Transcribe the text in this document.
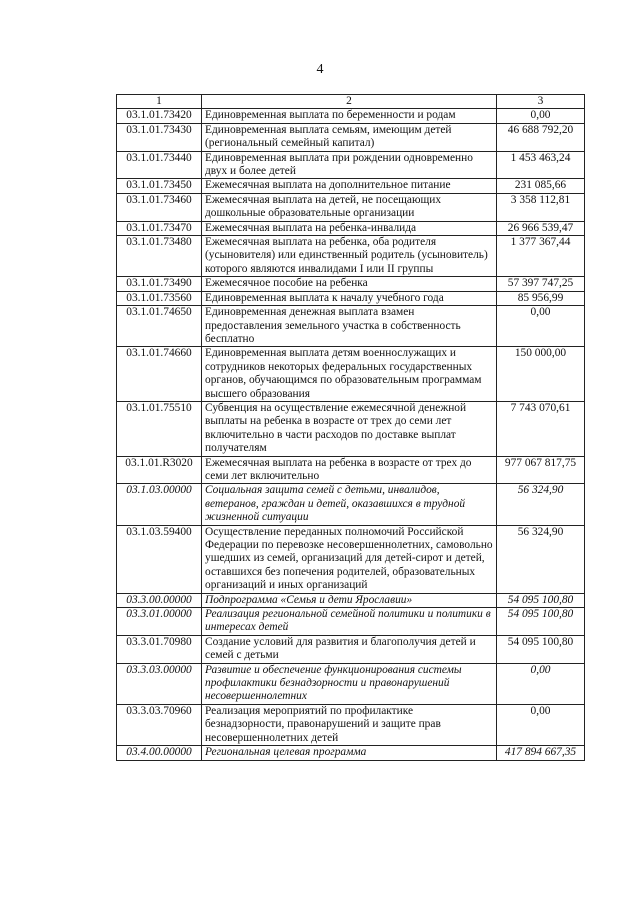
4
1	2	3
03.1.01.73420	Единовременная выплата по беременности и родам	0,00
03.1.01.73430	Единовременная выплата семьям, имеющим детей (региональный семейный капитал)	46 688 792,20
03.1.01.73440	Единовременная выплата при рождении одновременно двух и более детей	1 453 463,24
03.1.01.73450	Ежемесячная выплата на дополнительное питание	231 085,66
03.1.01.73460	Ежемесячная выплата на детей, не посещающих дошкольные образовательные организации	3 358 112,81
03.1.01.73470	Ежемесячная выплата на ребенка-инвалида	26 966 539,47
03.1.01.73480	Ежемесячная выплата на ребенка, оба родителя (усыновителя) или единственный родитель (усыновитель) которого являются инвалидами I или II группы	1 377 367,44
03.1.01.73490	Ежемесячное пособие на ребенка	57 397 747,25
03.1.01.73560	Единовременная выплата к началу учебного года	85 956,99
03.1.01.74650	Единовременная денежная выплата взамен предоставления земельного участка в собственность бесплатно	0,00
03.1.01.74660	Единовременная выплата детям военнослужащих и сотрудников некоторых федеральных государственных органов, обучающимся по образовательным программам высшего образования	150 000,00
03.1.01.75510	Субвенция на осуществление ежемесячной денежной выплаты на ребенка в возрасте от трех до семи лет включительно в части расходов по доставке выплат получателям	7 743 070,61
03.1.01.R3020	Ежемесячная выплата на ребенка в возрасте от трех до семи лет включительно	977 067 817,75
03.1.03.00000	Социальная защита семей с детьми, инвалидов, ветеранов, граждан и детей, оказавшихся в трудной жизненной ситуации	56 324,90
03.1.03.59400	Осуществление переданных полномочий Российской Федерации по перевозке несовершеннолетних, самовольно ушедших из семей, организаций для детей-сирот и детей, оставшихся без попечения родителей, образовательных организаций и иных организаций	56 324,90
03.3.00.00000	Подпрограмма «Семья и дети Ярославии»	54 095 100,80
03.3.01.00000	Реализация региональной семейной политики и политики в интересах детей	54 095 100,80
03.3.01.70980	Создание условий для развития и благополучия детей и семей с детьми	54 095 100,80
03.3.03.00000	Развитие и обеспечение функционирования системы профилактики безнадзорности и правонарушений несовершеннолетних	0,00
03.3.03.70960	Реализация мероприятий по профилактике безнадзорности, правонарушений и защите прав несовершеннолетних детей	0,00
03.4.00.00000	Региональная целевая программа	417 894 667,35
